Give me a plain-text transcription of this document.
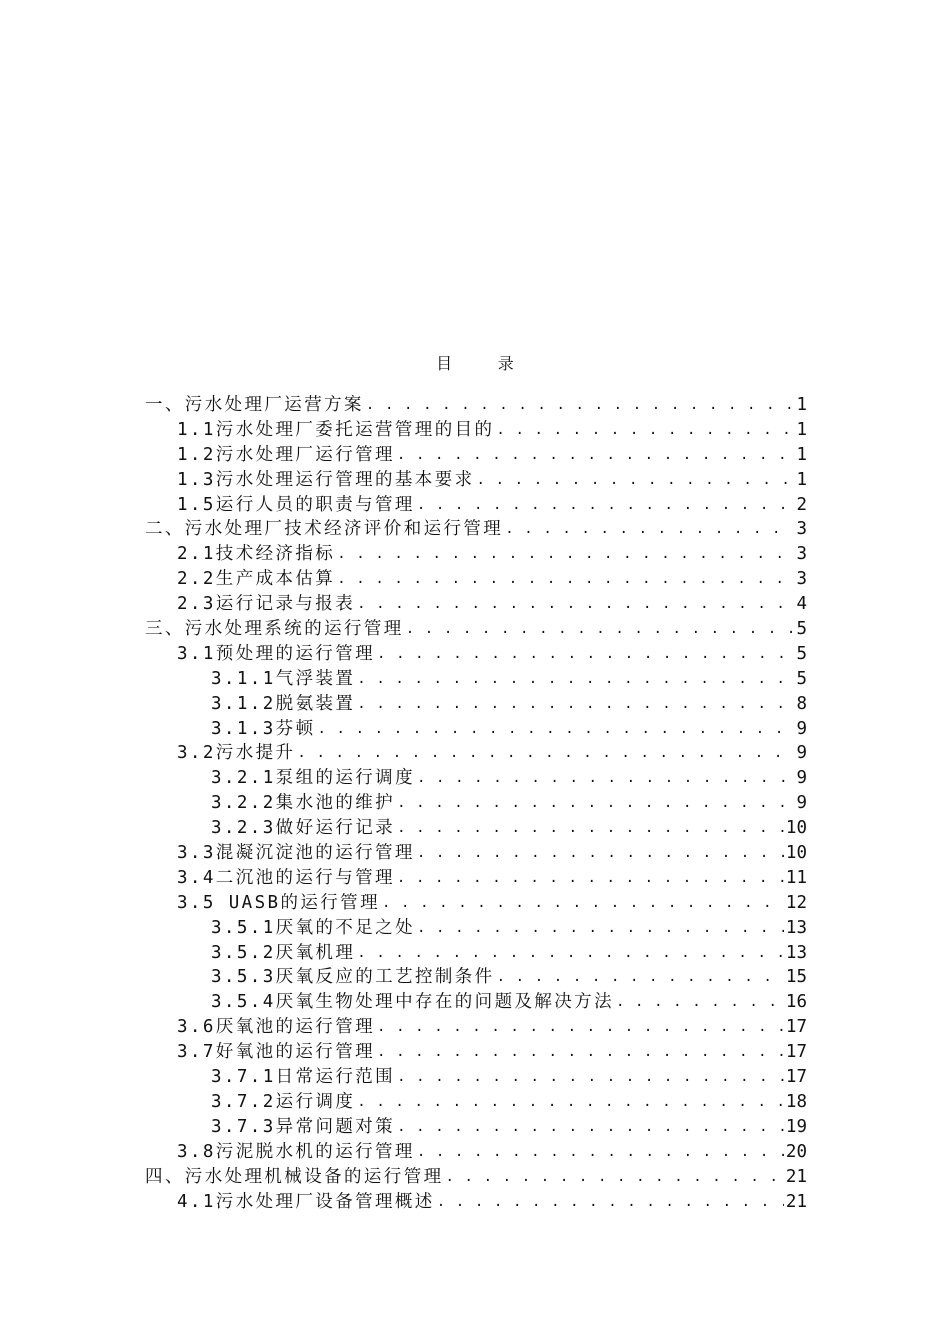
目 录
一、污水处理厂运营方案 . . .	1
1.1污水处理厂委托运营管理的目的 . . .	1
1.2污水处理厂运行管理 . . .	1
1.3污水处理运行管理的基本要求 . . .	1
1.5运行人员的职责与管理 . . .	2
二、污水处理厂技术经济评价和运行管理 . . .	3
2.1技术经济指标 . . .	3
2.2生产成本估算 . . .	3
2.3运行记录与报表 . . .	4
三、污水处理系统的运行管理 . . .	5
3.1预处理的运行管理 . . .	5
3.1.1气浮装置 . . .	5
3.1.2脱氨装置 . . .	8
3.1.3芬顿 . . .	9
3.2污水提升 . . .	9
3.2.1泵组的运行调度 . . .	9
3.2.2集水池的维护 . . .	9
3.2.3做好运行记录 . . .	10
3.3混凝沉淀池的运行管理 . . .	10
3.4二沉池的运行与管理 . . .	11
3.5 UASB的运行管理 . . .	12
3.5.1厌氧的不足之处 . . .	13
3.5.2厌氧机理 . . .	13
3.5.3厌氧反应的工艺控制条件 . . .	15
3.5.4厌氧生物处理中存在的问题及解决方法 . . .	16
3.6厌氧池的运行管理 . . .	17
3.7好氧池的运行管理 . . .	17
3.7.1日常运行范围 . . .	17
3.7.2运行调度 . . .	18
3.7.3异常问题对策 . . .	19
3.8污泥脱水机的运行管理 . . .	20
四、污水处理机械设备的运行管理 . . .	21
4.1污水处理厂设备管理概述 . . .	21
